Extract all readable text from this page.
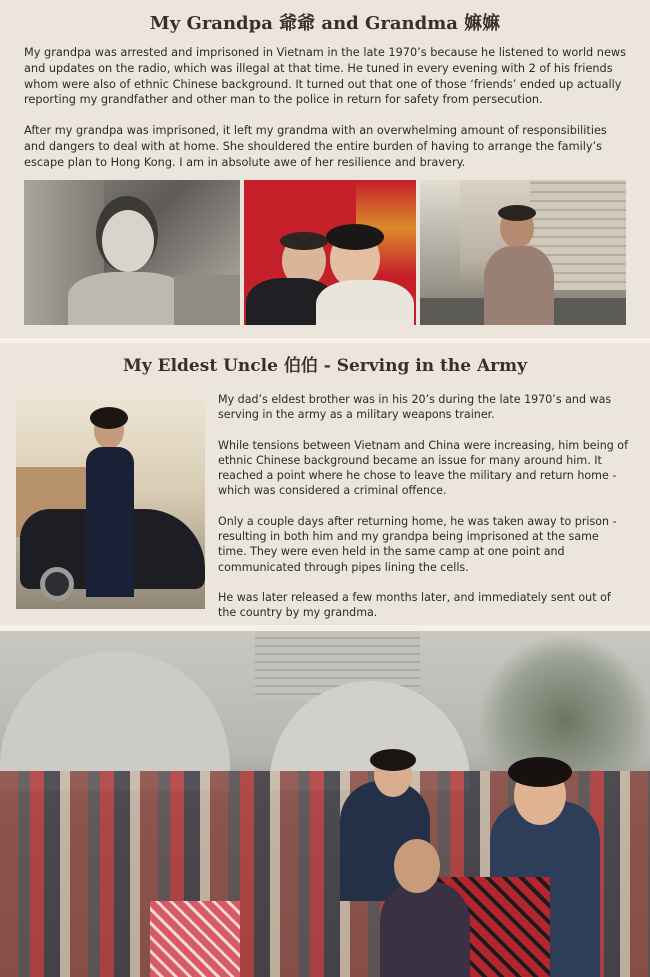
My Grandpa 爺爺 and Grandma 嫲嫲

My grandpa was arrested and imprisoned in Vietnam in the late 1970’s because he listened to world news and updates on the radio, which was illegal at that time. He tuned in every evening with 2 of his friends whom were also of ethnic Chinese background. It turned out that one of those ‘friends’ ended up actually reporting my grandfather and other man to the police in return for safety from persecution.

After my grandpa was imprisoned, it left my grandma with an overwhelming amount of responsibilities and dangers to deal with at home. She shouldered the entire burden of having to arrange the family’s escape plan to Hong Kong. I am in absolute awe of her resilience and bravery.

My Eldest Uncle 伯伯 - Serving in the Army

My dad’s eldest brother was in his 20’s during the late 1970’s and was serving in the army as a military weapons trainer.

While tensions between Vietnam and China were increasing, him being of ethnic Chinese background became an issue for many around him. It reached a point where he chose to leave the military and return home - which was considered a criminal offence.

Only a couple days after returning home, he was taken away to prison - resulting in both him and my grandpa being imprisoned at the same time. They were even held in the same camp at one point and communicated through pipes lining the cells.

He was later released a few months later, and immediately sent out of the country by my grandma.
